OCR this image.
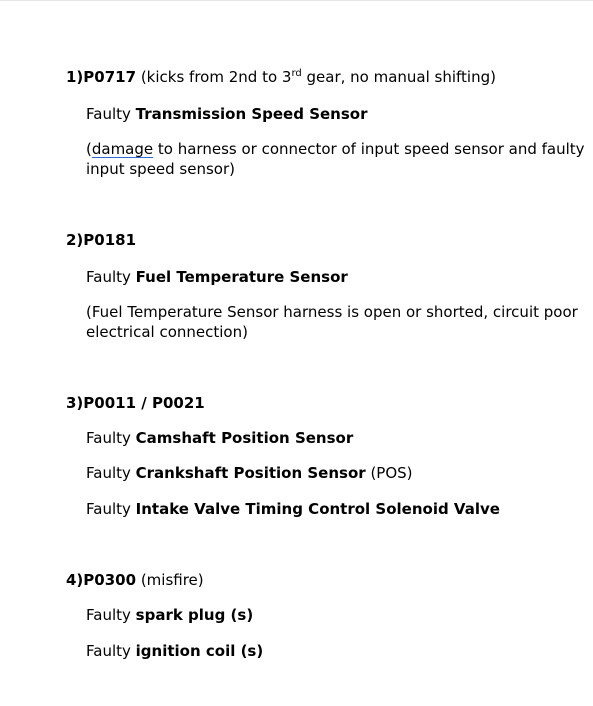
1)P0717 (kicks from 2nd to 3rd gear, no manual shifting)
Faulty Transmission Speed Sensor
(damage to harness or connector of input speed sensor and faulty input speed sensor)
2)P0181
Faulty Fuel Temperature Sensor
(Fuel Temperature Sensor harness is open or shorted, circuit poor electrical connection)
3)P0011 / P0021
Faulty Camshaft Position Sensor
Faulty Crankshaft Position Sensor (POS)
Faulty Intake Valve Timing Control Solenoid Valve
4)P0300 (misfire)
Faulty spark plug (s)
Faulty ignition coil (s)
